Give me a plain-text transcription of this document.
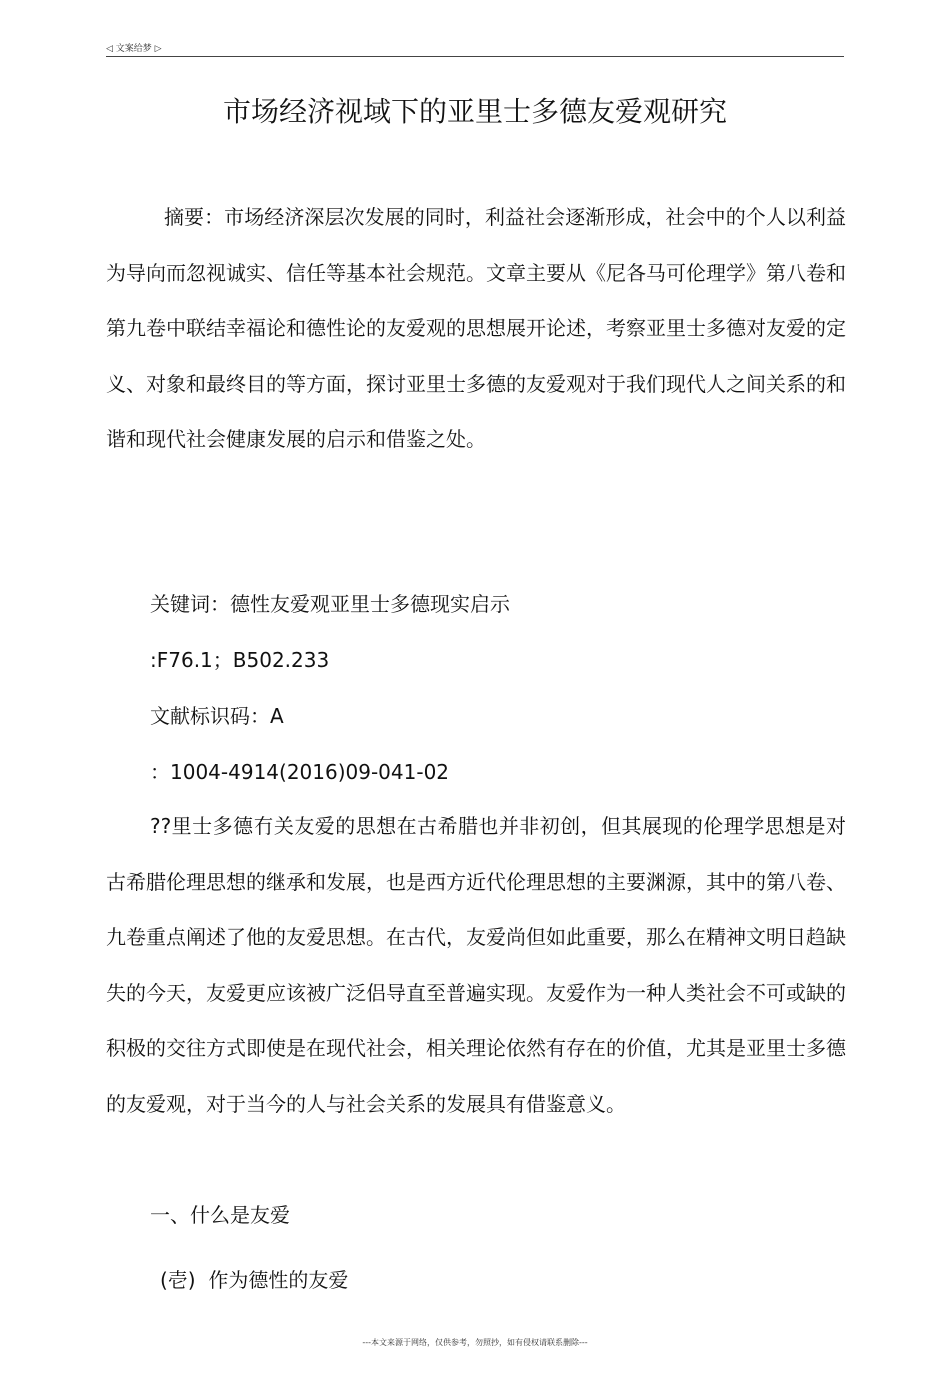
◁ 文案给梦 ▷
市场经济视域下的亚里士多德友爱观研究

摘要：市场经济深层次发展的同时，利益社会逐渐形成，社会中的个人以利益为导向而忽视诚实、信任等基本社会规范。文章主要从《尼各马可伦理学》第八卷和第九卷中联结幸福论和德性论的友爱观的思想展开论述，考察亚里士多德对友爱的定义、对象和最终目的等方面，探讨亚里士多德的友爱观对于我们现代人之间关系的和谐和现代社会健康发展的启示和借鉴之处。

关键词：德性友爱观亚里士多德现实启示
:F76.1；B502.233
文献标识码：A
：1004-4914(2016)09-041-02

??里士多德冇关友爱的思想在古希腊也并非初创，但其展现的伦理学思想是对古希腊伦理思想的继承和发展，也是西方近代伦理思想的主要渊源，其中的第八卷、九卷重点阐述了他的友爱思想。在古代，友爱尚但如此重要，那么在精神文明日趋缺失的今天，友爱更应该被广泛侣导直至普遍实现。友爱作为一种人类社会不可或缺的积极的交往方式即使是在现代社会，相关理论依然有存在的价值，尤其是亚里士多德的友爱观，对于当今的人与社会关系的发展具有借鉴意义。

一、什么是友爱
(壱)  作为德性的友爱
---本文来源于网络，仅供参考，勿照抄，如有侵权请联系删除---
